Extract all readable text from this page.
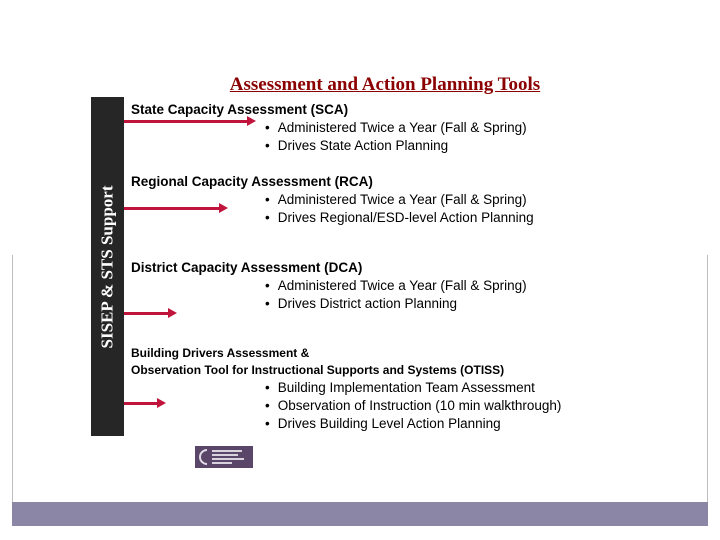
Assessment and Action Planning Tools
SISEP & STS Support
State Capacity Assessment (SCA)
• Administered Twice a Year (Fall & Spring)
• Drives State Action Planning
Regional Capacity Assessment (RCA)
• Administered Twice a Year (Fall & Spring)
• Drives Regional/ESD-level Action Planning
District Capacity Assessment (DCA)
• Administered Twice a Year (Fall & Spring)
• Drives District action Planning
Building Drivers Assessment &
Observation Tool for Instructional Supports and Systems (OTISS)
• Building Implementation Team Assessment
• Observation of Instruction (10 min walkthrough)
• Drives Building Level Action Planning
